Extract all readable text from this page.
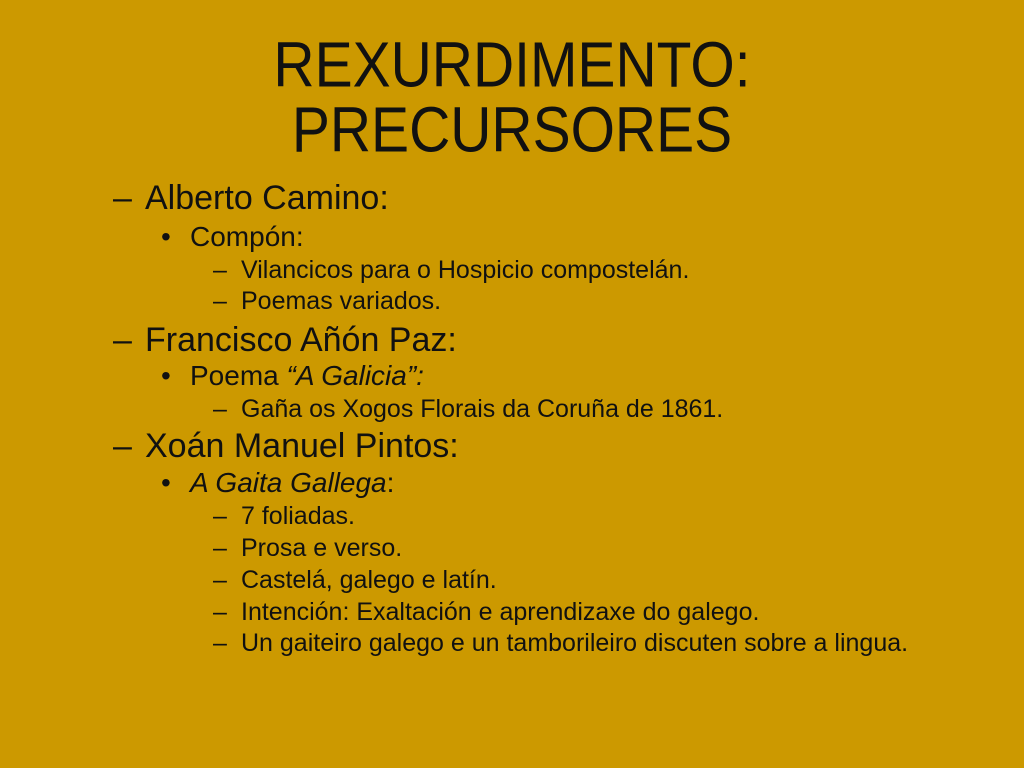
REXURDIMENTO:
PRECURSORES
– Alberto Camino:
• Compón:
– Vilancicos para o Hospicio compostelán.
– Poemas variados.
– Francisco Añón Paz:
• Poema “A Galicia”:
– Gaña os Xogos Florais da Coruña de 1861.
– Xoán Manuel Pintos:
• A Gaita Gallega:
– 7 foliadas.
– Prosa e verso.
– Castelá, galego e latín.
– Intención: Exaltación e aprendizaxe do galego.
– Un gaiteiro galego e un tamborileiro discuten sobre a lingua.
